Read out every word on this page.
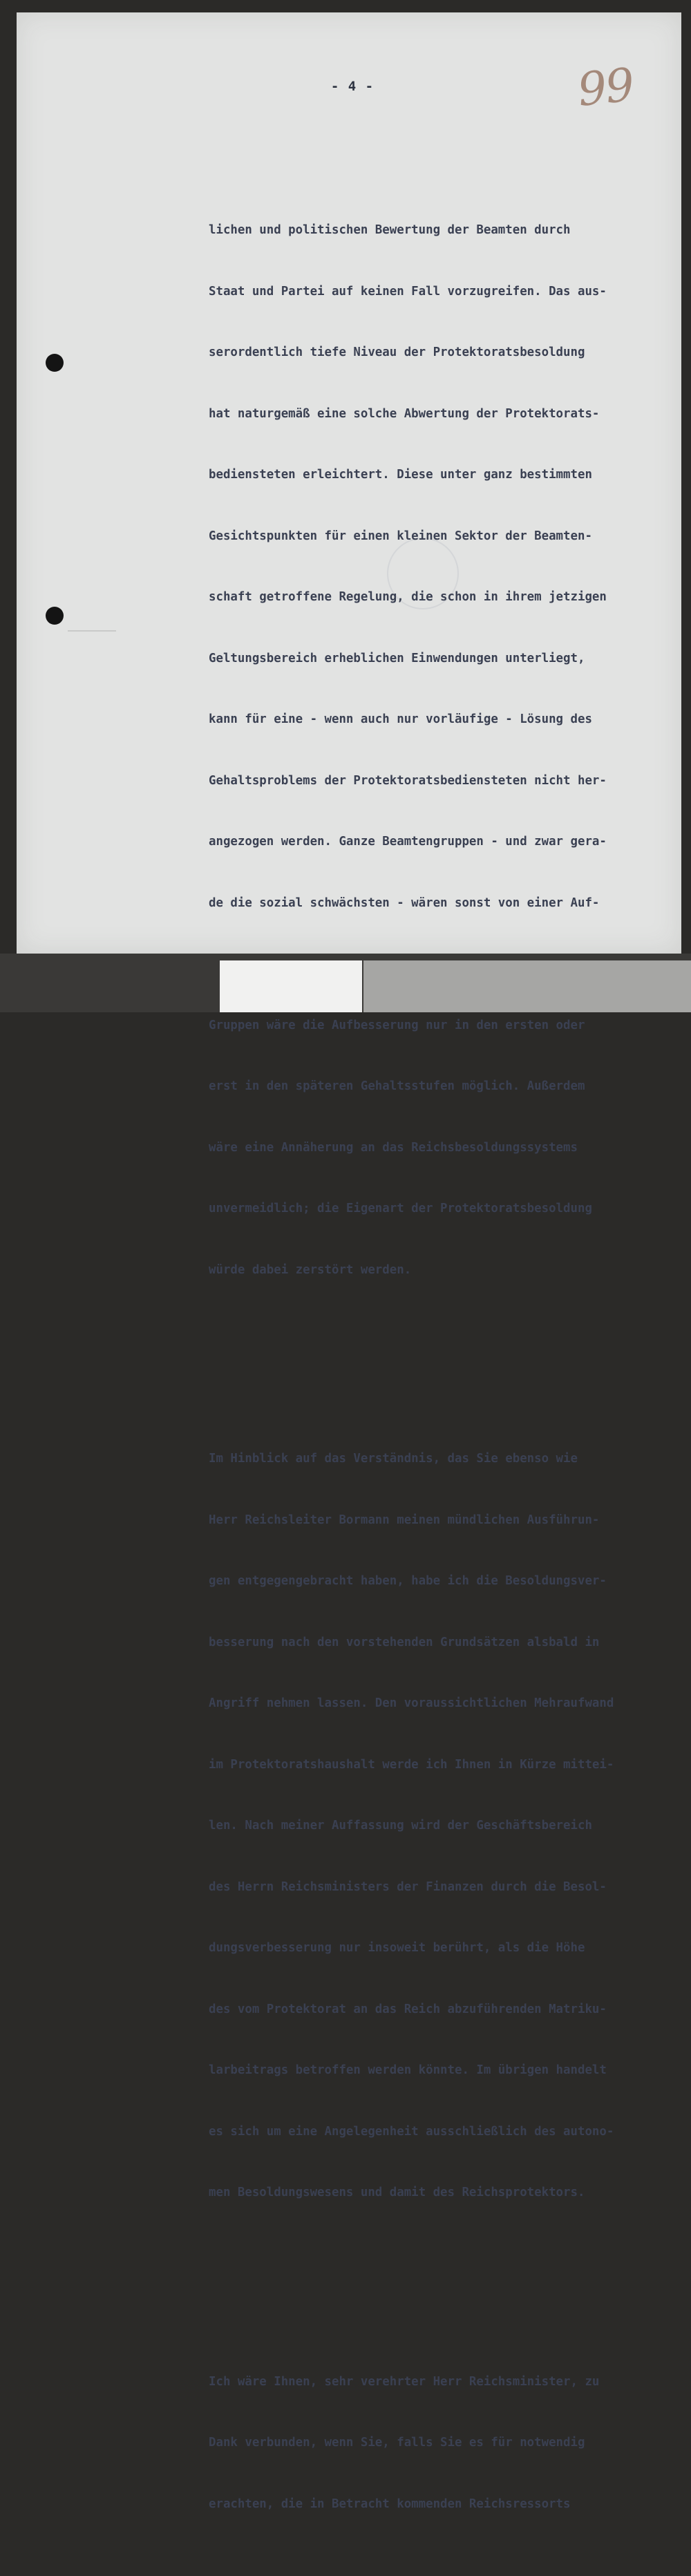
- 4 -	99

lichen und politischen Bewertung der Beamten durch

Staat und Partei auf keinen Fall vorzugreifen. Das aus-

serordentlich tiefe Niveau der Protektoratsbesoldung

hat naturgemäß eine solche Abwertung der Protektorats-

bediensteten erleichtert. Diese unter ganz bestimmten

Gesichtspunkten für einen kleinen Sektor der Beamten-

schaft getroffene Regelung, die schon in ihrem jetzigen

Geltungsbereich erheblichen Einwendungen unterliegt,

kann für eine - wenn auch nur vorläufige - Lösung des

Gehaltsproblems der Protektoratsbediensteten nicht her-

angezogen werden. Ganze Beamtengruppen - und zwar gera-

de die sozial schwächsten - wären sonst von einer Auf-

Gruppen wäre die Aufbesserung nur in den ersten oder

erst in den späteren Gehaltsstufen möglich. Außerdem

wäre eine Annäherung an das Reichsbesoldungssystems

unvermeidlich; die Eigenart der Protektoratsbesoldung

würde dabei zerstört werden.

Im Hinblick auf das Verständnis, das Sie ebenso wie

Herr Reichsleiter Bormann meinen mündlichen Ausführun-

gen entgegengebracht haben, habe ich die Besoldungsver-

besserung nach den vorstehenden Grundsätzen alsbald in

Angriff nehmen lassen. Den voraussichtlichen Mehraufwand

im Protektoratshaushalt werde ich Ihnen in Kürze mittei-

len. Nach meiner Auffassung wird der Geschäftsbereich

des Herrn Reichsministers der Finanzen durch die Besol-

dungsverbesserung nur insoweit berührt, als die Höhe

des vom Protektorat an das Reich abzuführenden Matriku-

larbeitrags betroffen werden könnte. Im übrigen handelt

es sich um eine Angelegenheit ausschließlich des autono-

men Besoldungswesens und damit des Reichsprotektors.

Ich wäre Ihnen, sehr verehrter Herr Reichsminister, zu

Dank verbunden, wenn Sie, falls Sie es für notwendig

erachten, die in Betracht kommenden Reichsressorts
